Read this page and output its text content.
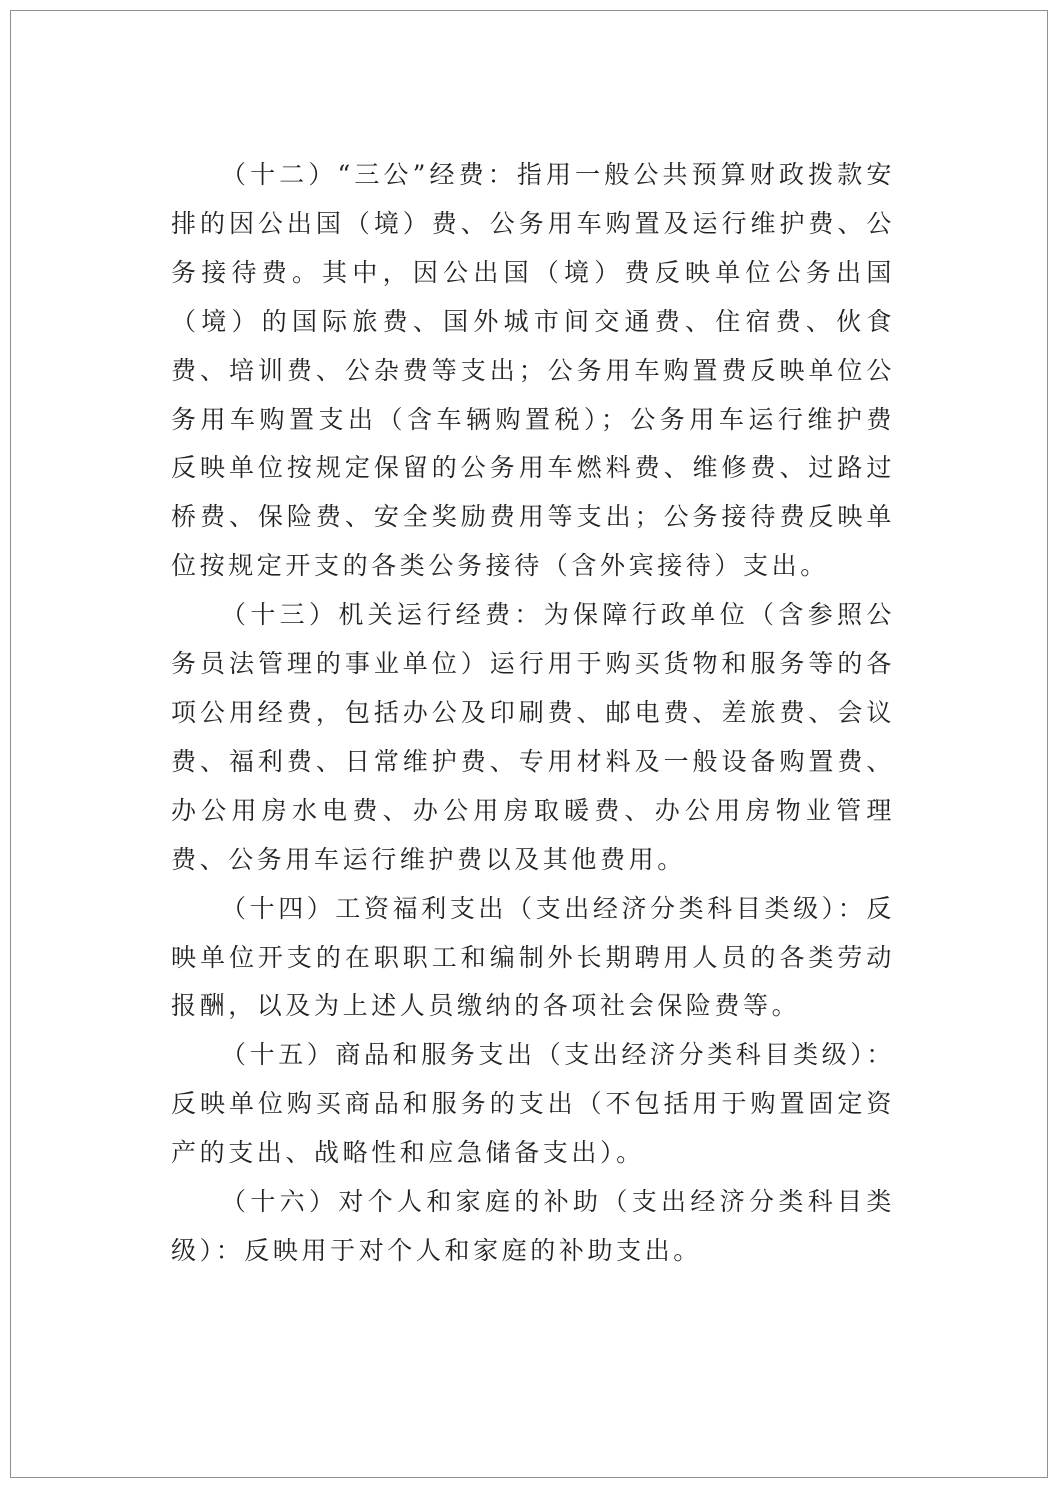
（十二）“三公”经费：指用一般公共预算财政拨款安排的因公出国（境）费、公务用车购置及运行维护费、公务接待费。其中，因公出国（境）费反映单位公务出国（境）的国际旅费、国外城市间交通费、住宿费、伙食费、培训费、公杂费等支出；公务用车购置费反映单位公务用车购置支出（含车辆购置税）；公务用车运行维护费反映单位按规定保留的公务用车燃料费、维修费、过路过桥费、保险费、安全奖励费用等支出；公务接待费反映单位按规定开支的各类公务接待（含外宾接待）支出。

（十三）机关运行经费：为保障行政单位（含参照公务员法管理的事业单位）运行用于购买货物和服务等的各项公用经费，包括办公及印刷费、邮电费、差旅费、会议费、福利费、日常维护费、专用材料及一般设备购置费、办公用房水电费、办公用房取暖费、办公用房物业管理费、公务用车运行维护费以及其他费用。

（十四）工资福利支出（支出经济分类科目类级）：反映单位开支的在职职工和编制外长期聘用人员的各类劳动报酬，以及为上述人员缴纳的各项社会保险费等。

（十五）商品和服务支出（支出经济分类科目类级）：反映单位购买商品和服务的支出（不包括用于购置固定资产的支出、战略性和应急储备支出）。

（十六）对个人和家庭的补助（支出经济分类科目类级）：反映用于对个人和家庭的补助支出。
